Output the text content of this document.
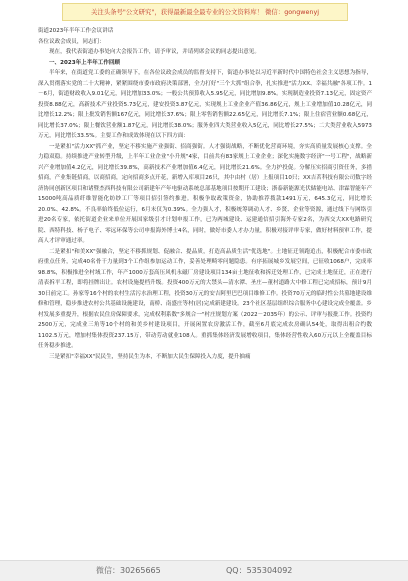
关注头条号"公文研究"，获得最新最全最专业的公文资料库！ 微信：gongwenyj

街道2023年半年工作会议讲话

各位议政会成员，同志们：

现在，我代表街道办事处向大会报告工作，请予审议，并请列席会议的同志提出意见。

一、2023年上半年工作回顾

半年来，在街道党工委的正确领导下，在各位议政会成员的监督支持下，街道办事处以习近平新时代中国特色社会主义思想为指导，深入贯彻落实党的二十大精神，紧紧围绕市委市政府决策部署，全力打好"三个大抓"组合拳，扎实推进"活力XX、幸福共融"各项工作。1－6月，街道财政收入9.01亿元，同比增加33.0%；一般公共预算收入5.95亿元，同比增加9.8%。实现制造业投资7.13亿元，固定资产投资8.88亿元，高新技术产业投资5.73亿元，建安投资3.87亿元，实现规上工业企业产值36.86亿元，规上工业增加值10.28亿元，同比增长12.2%；限上批发销售额167亿元，同比增长37.6%；限上零售销售额22.65亿元，同比增长7.1%；限上住宿营业额0.68亿元，同比增长37.0%；限上餐饮营业额1.87亿元，同比增长38.0%；服务业四大类营业收入5亿元，同比增长27.5%；二大类营业收入5973万元，同比增长33.5%。主要工作和成效体现在以下四方面：

一是紧扣"活力XX"抓产业，坚定不移实施产业强街、招商强街。人才强街战略，不断优化营商环境，夯实高质量发展核心支撑。全力稳双稳。持续推进产业转型升级，上半年工业企业"小升规"4家，目前共有83家规上工业企业；深化实施数字经济"一号工程"，战略新兴产业增加值4.2亿元，同比增长39.8%，高新技术产业增加值6.4亿元，同比增长21.6%。全力护投促。分解压实招商引资任务，多措招商，产业集链招商，以商招商，定向招商多点开花，新增入库项目26只，其中由村（居）上报项目10只；XX吉茗科技有限公司数字经济协同创新区项目和诸暨杰西科技有限公司新建年产年电驱动系统总部基地项目按期开工建设；浙泰新能源光伏储能电站、津霖智能年产15000吨高品质纤维智能化纺纱工厂等项目招引签约推进。积极争取政策资金，协助推荐拨款1491万元，645.3亿元，同比增长20.0%、42.8%。不良率始终低位运行，6月末仅为0.39%。全力强人才，积极统筹调动人才、乡贤、企业等资源，通过线下与网络引进20名专家，依托街道企业来单位开展国家级引才计划申报工作，已为两城建设、运建通信招引海外专家2名，为西交大XX电路研究院、西特科技、杨子电子、零远环保等公司申报海外博士4名，同时，做好市委人才办力量，积极对接评审专家，做好材料预审工作，提高人才评审通过率。

二是紧扣"和美XX"强融合，坚定不移抓规划、促融合、提品质，打造高品质生活"优选地"。土地征迁领跑追击，积极配合市委市政府重点任务，完成40名骨干力量到3个工作组参加运动工作，妥善处理畸零问题隐患。有序拓展城乡发展空间，已征收1068户，完成率98.8%，积极推进全村域工作，年产1000万套高压风机永磁厂房建设项目134亩土地征收和拆迁处理工作，已完成土地征迁，正在进行清表拆平工程，即将挂牌出让。农村设施提档升级。投资400万元的大禁头—清水潭、圣庄—董村道路大中修工程已完成招标，预计9月30日前完工。孙家等16个村的农村生活污水治理工程，投资30万元的安吉阿里巴巴项目维修工作。投资70万元的临时性公共墓地建设维修和管理，稳步推进农村公共基础设施建设，南桥、南盛庄等村(居)完成新建建设。23个社区基层组织综合服务中心建设完成全覆盖。乡村发展多重提升，根据农民住房保障要求，完成权利系数"多规合一"村庄规划方案（2022－2035年）的公示、评审与报批工作。投资约2500万元，完成业三角等10个村的和美乡村建设项目，开展闲置农房激活工作，截至6月底完成农房确认54处，取得出租合约数1102.5万元，增加村集体投资237.15万，带动劳动就业108人。重抓集体经济发展增收项目，集体经营性收入60万元以上全覆盖目标任务稳步推进。

三是紧扣"幸福XX"民民生，坚持民生为本，不断加大民生保障投入力度，提升抽痛

微信：30265665	QQ：535304092
